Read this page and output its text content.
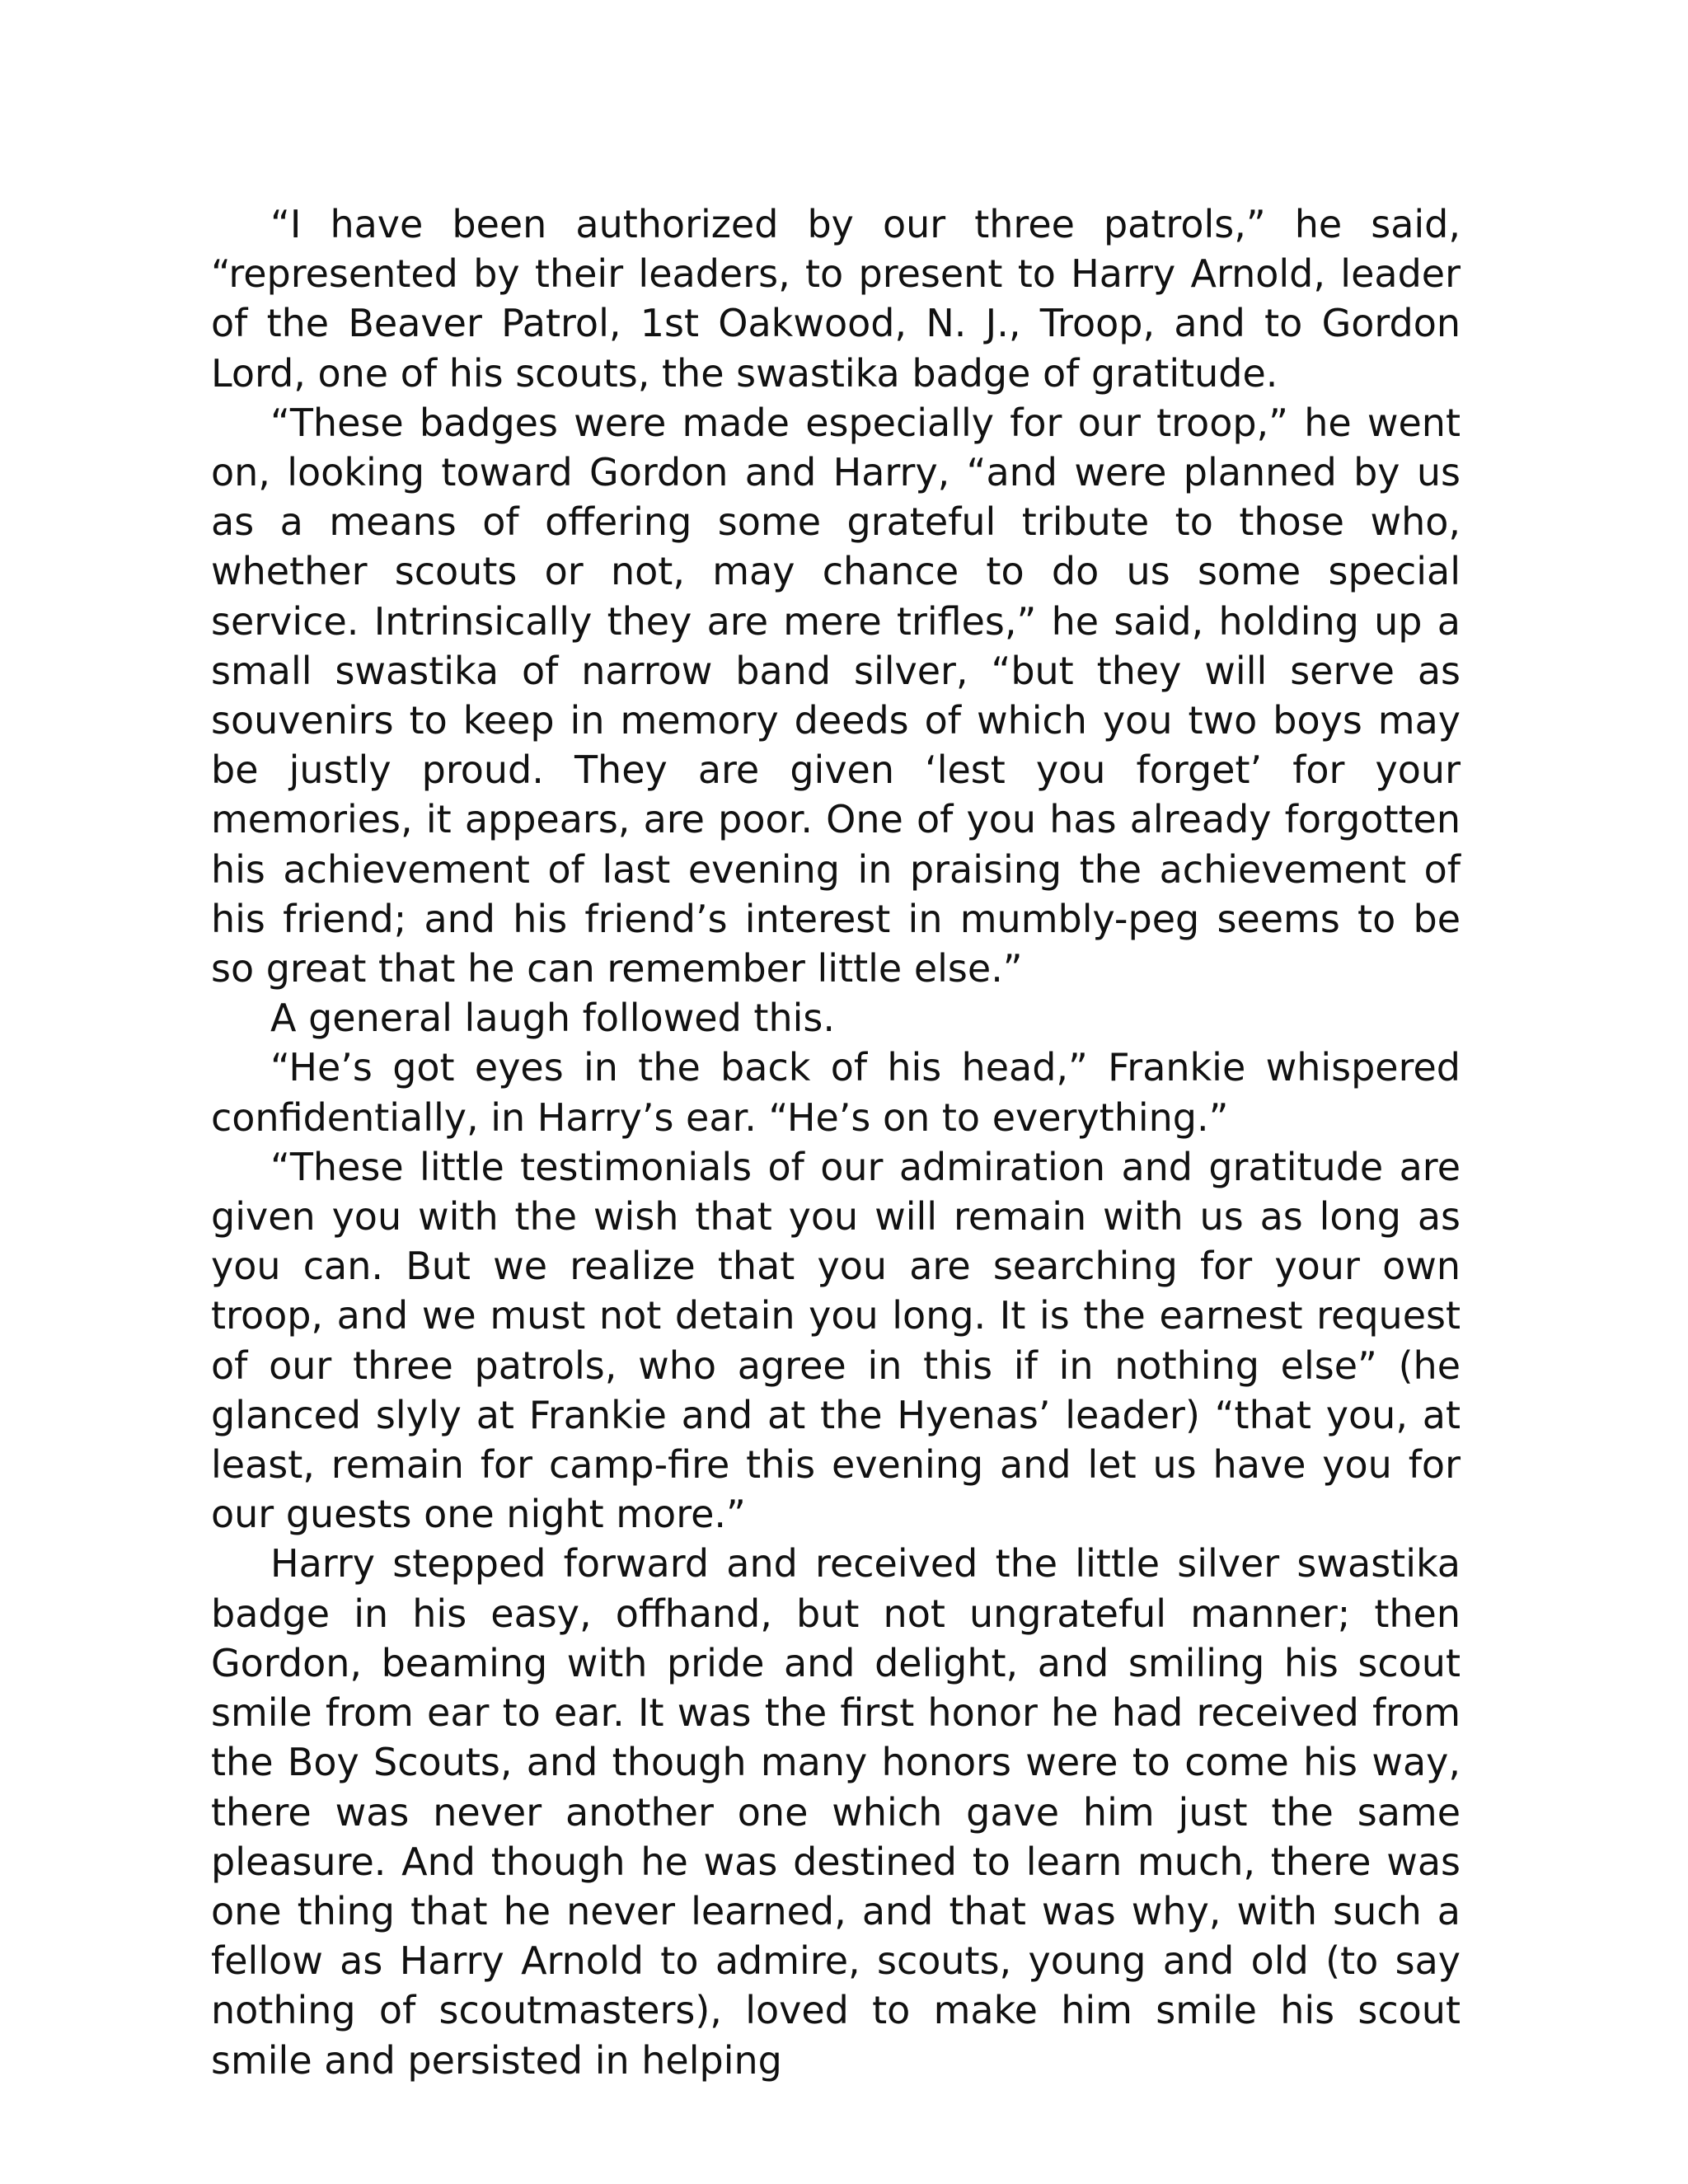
“I have been authorized by our three patrols,” he said, “represented by their leaders, to present to Harry Arnold, leader of the Beaver Patrol, 1st Oakwood, N. J., Troop, and to Gordon Lord, one of his scouts, the swastika badge of gratitude.

“These badges were made especially for our troop,” he went on, looking toward Gordon and Harry, “and were planned by us as a means of offering some grateful tribute to those who, whether scouts or not, may chance to do us some special service. Intrinsically they are mere trifles,” he said, holding up a small swastika of narrow band silver, “but they will serve as souvenirs to keep in memory deeds of which you two boys may be justly proud. They are given ‘lest you forget’ for your memories, it appears, are poor. One of you has already forgotten his achievement of last evening in praising the achievement of his friend; and his friend’s interest in mumbly-peg seems to be so great that he can remember little else.”

A general laugh followed this.

“He’s got eyes in the back of his head,” Frankie whispered confidentially, in Harry’s ear. “He’s on to everything.”

“These little testimonials of our admiration and gratitude are given you with the wish that you will remain with us as long as you can. But we realize that you are searching for your own troop, and we must not detain you long. It is the earnest request of our three patrols, who agree in this if in nothing else” (he glanced slyly at Frankie and at the Hyenas’ leader) “that you, at least, remain for camp-fire this evening and let us have you for our guests one night more.”

Harry stepped forward and received the little silver swastika badge in his easy, offhand, but not ungrateful manner; then Gordon, beaming with pride and delight, and smiling his scout smile from ear to ear. It was the first honor he had received from the Boy Scouts, and though many honors were to come his way, there was never another one which gave him just the same pleasure. And though he was destined to learn much, there was one thing that he never learned, and that was why, with such a fellow as Harry Arnold to admire, scouts, young and old (to say nothing of scoutmasters), loved to make him smile his scout smile and persisted in helping
